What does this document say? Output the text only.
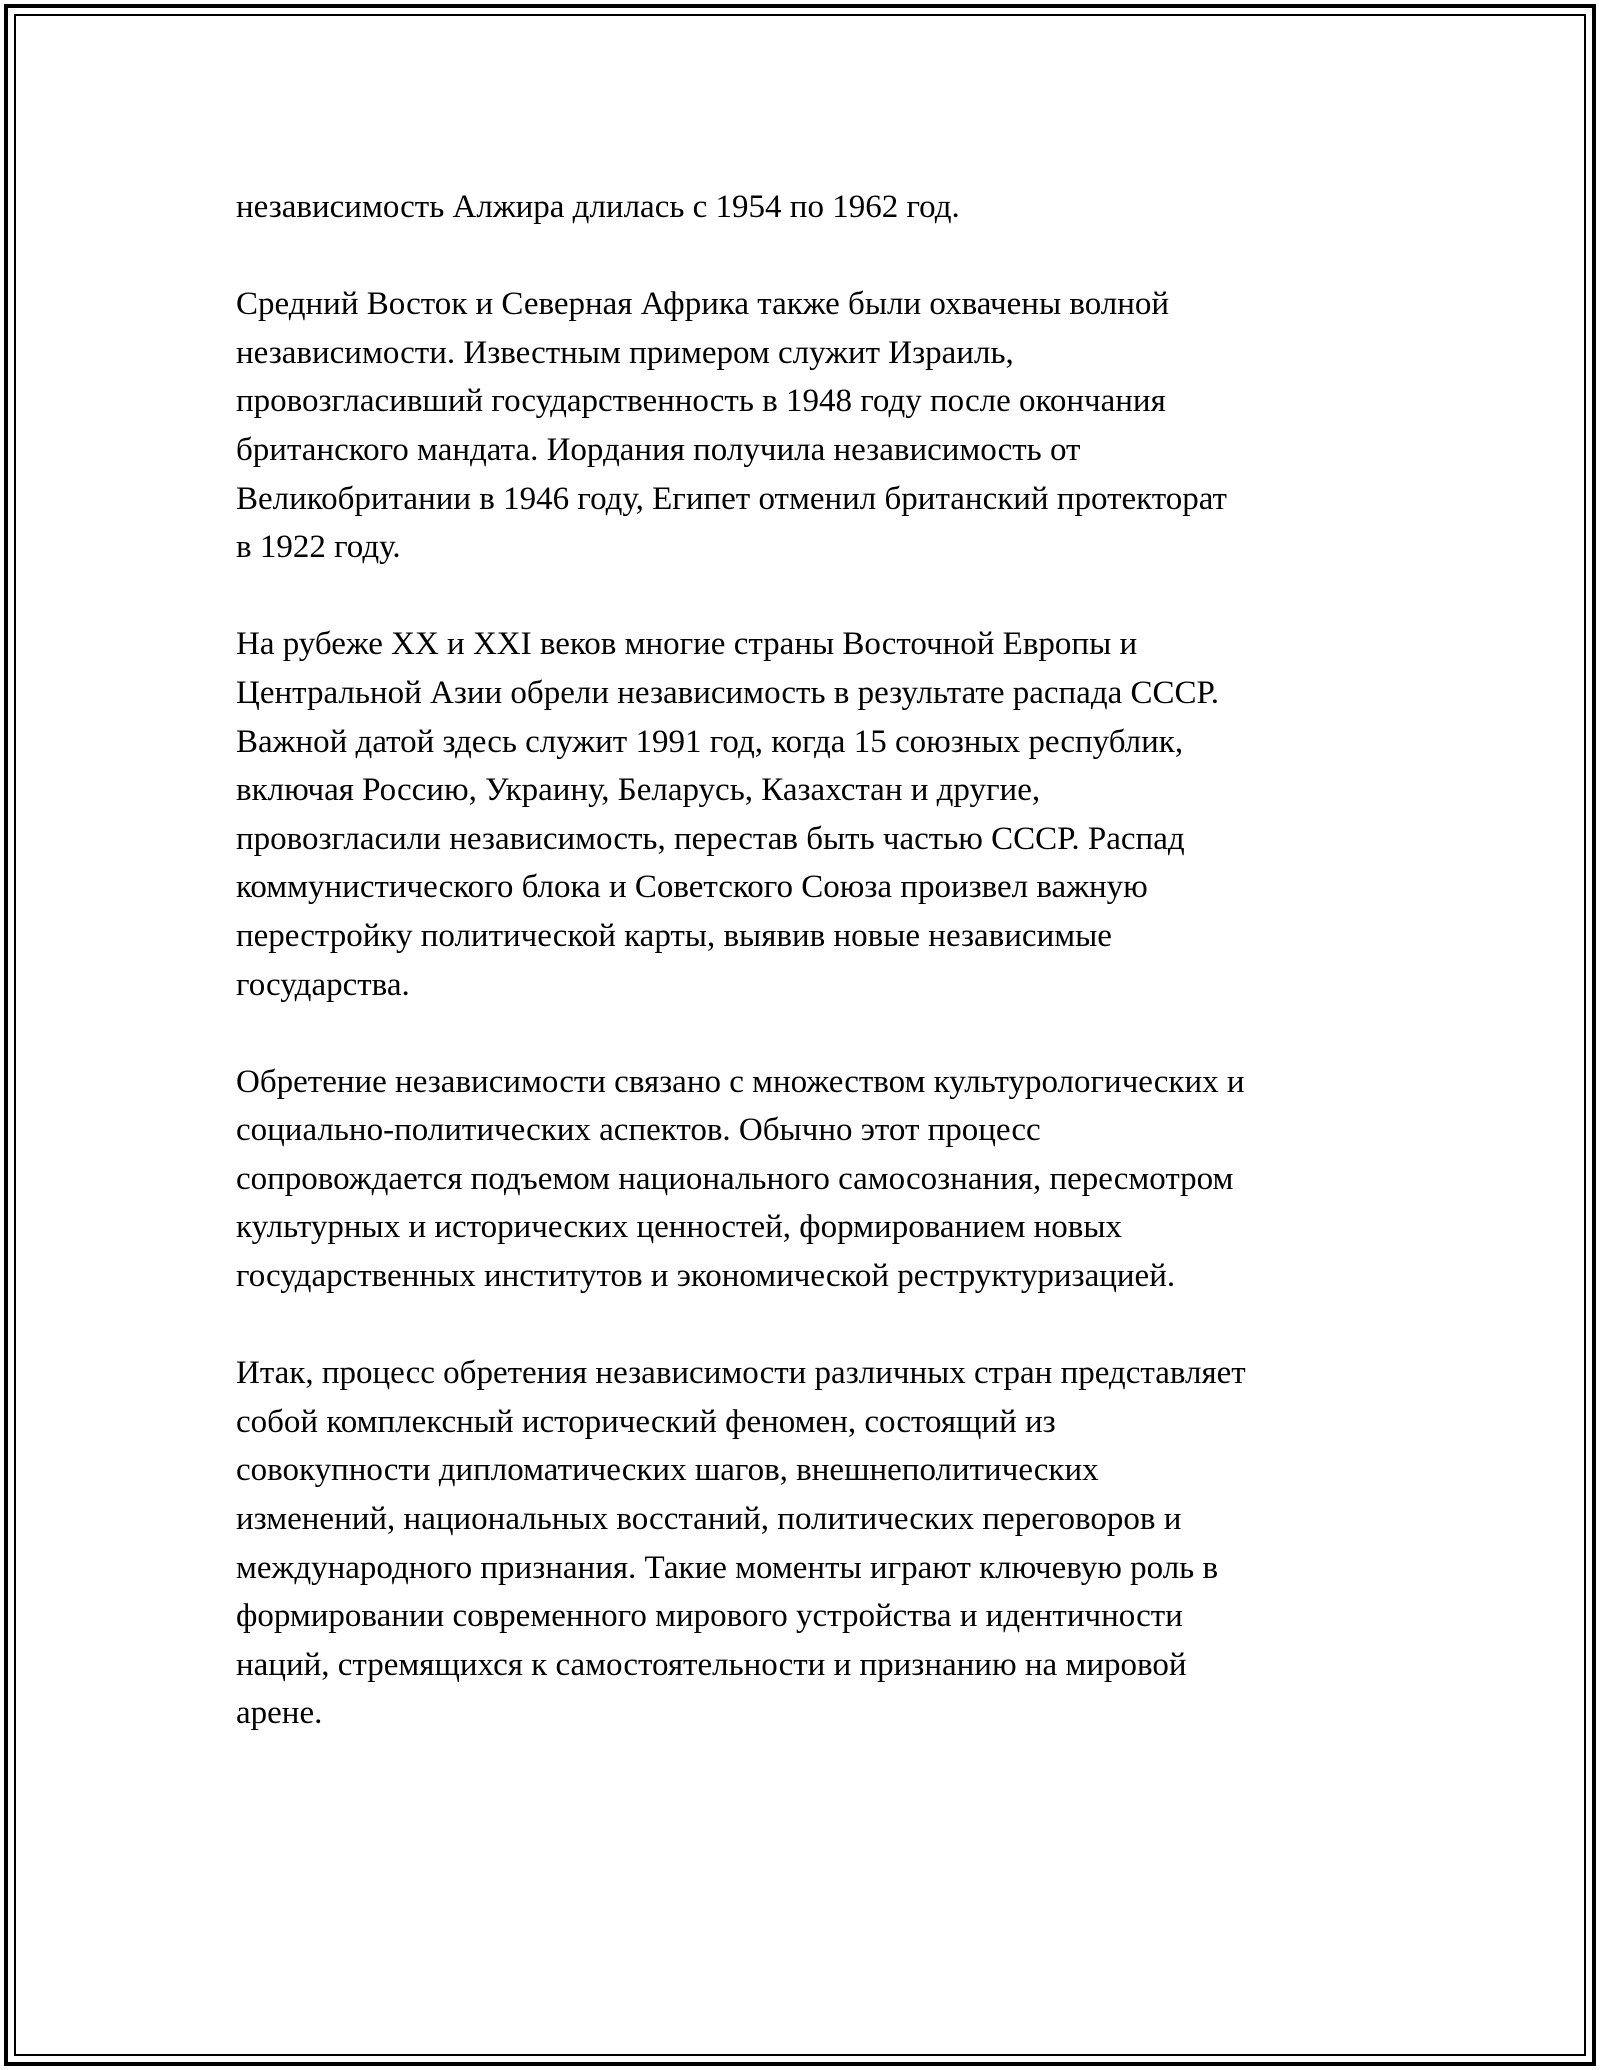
независимость Алжира длилась с 1954 по 1962 год.

Средний Восток и Северная Африка также были охвачены волной
независимости. Известным примером служит Израиль,
провозгласивший государственность в 1948 году после окончания
британского мандата. Иордания получила независимость от
Великобритании в 1946 году, Египет отменил британский протекторат
в 1922 году.

На рубеже XX и XXI веков многие страны Восточной Европы и
Центральной Азии обрели независимость в результате распада СССР.
Важной датой здесь служит 1991 год, когда 15 союзных республик,
включая Россию, Украину, Беларусь, Казахстан и другие,
провозгласили независимость, перестав быть частью СССР. Распад
коммунистического блока и Советского Союза произвел важную
перестройку политической карты, выявив новые независимые
государства.

Обретение независимости связано с множеством культурологических и
социально-политических аспектов. Обычно этот процесс
сопровождается подъемом национального самосознания, пересмотром
культурных и исторических ценностей, формированием новых
государственных институтов и экономической реструктуризацией.

Итак, процесс обретения независимости различных стран представляет
собой комплексный исторический феномен, состоящий из
совокупности дипломатических шагов, внешнеполитических
изменений, национальных восстаний, политических переговоров и
международного признания. Такие моменты играют ключевую роль в
формировании современного мирового устройства и идентичности
наций, стремящихся к самостоятельности и признанию на мировой
арене.
